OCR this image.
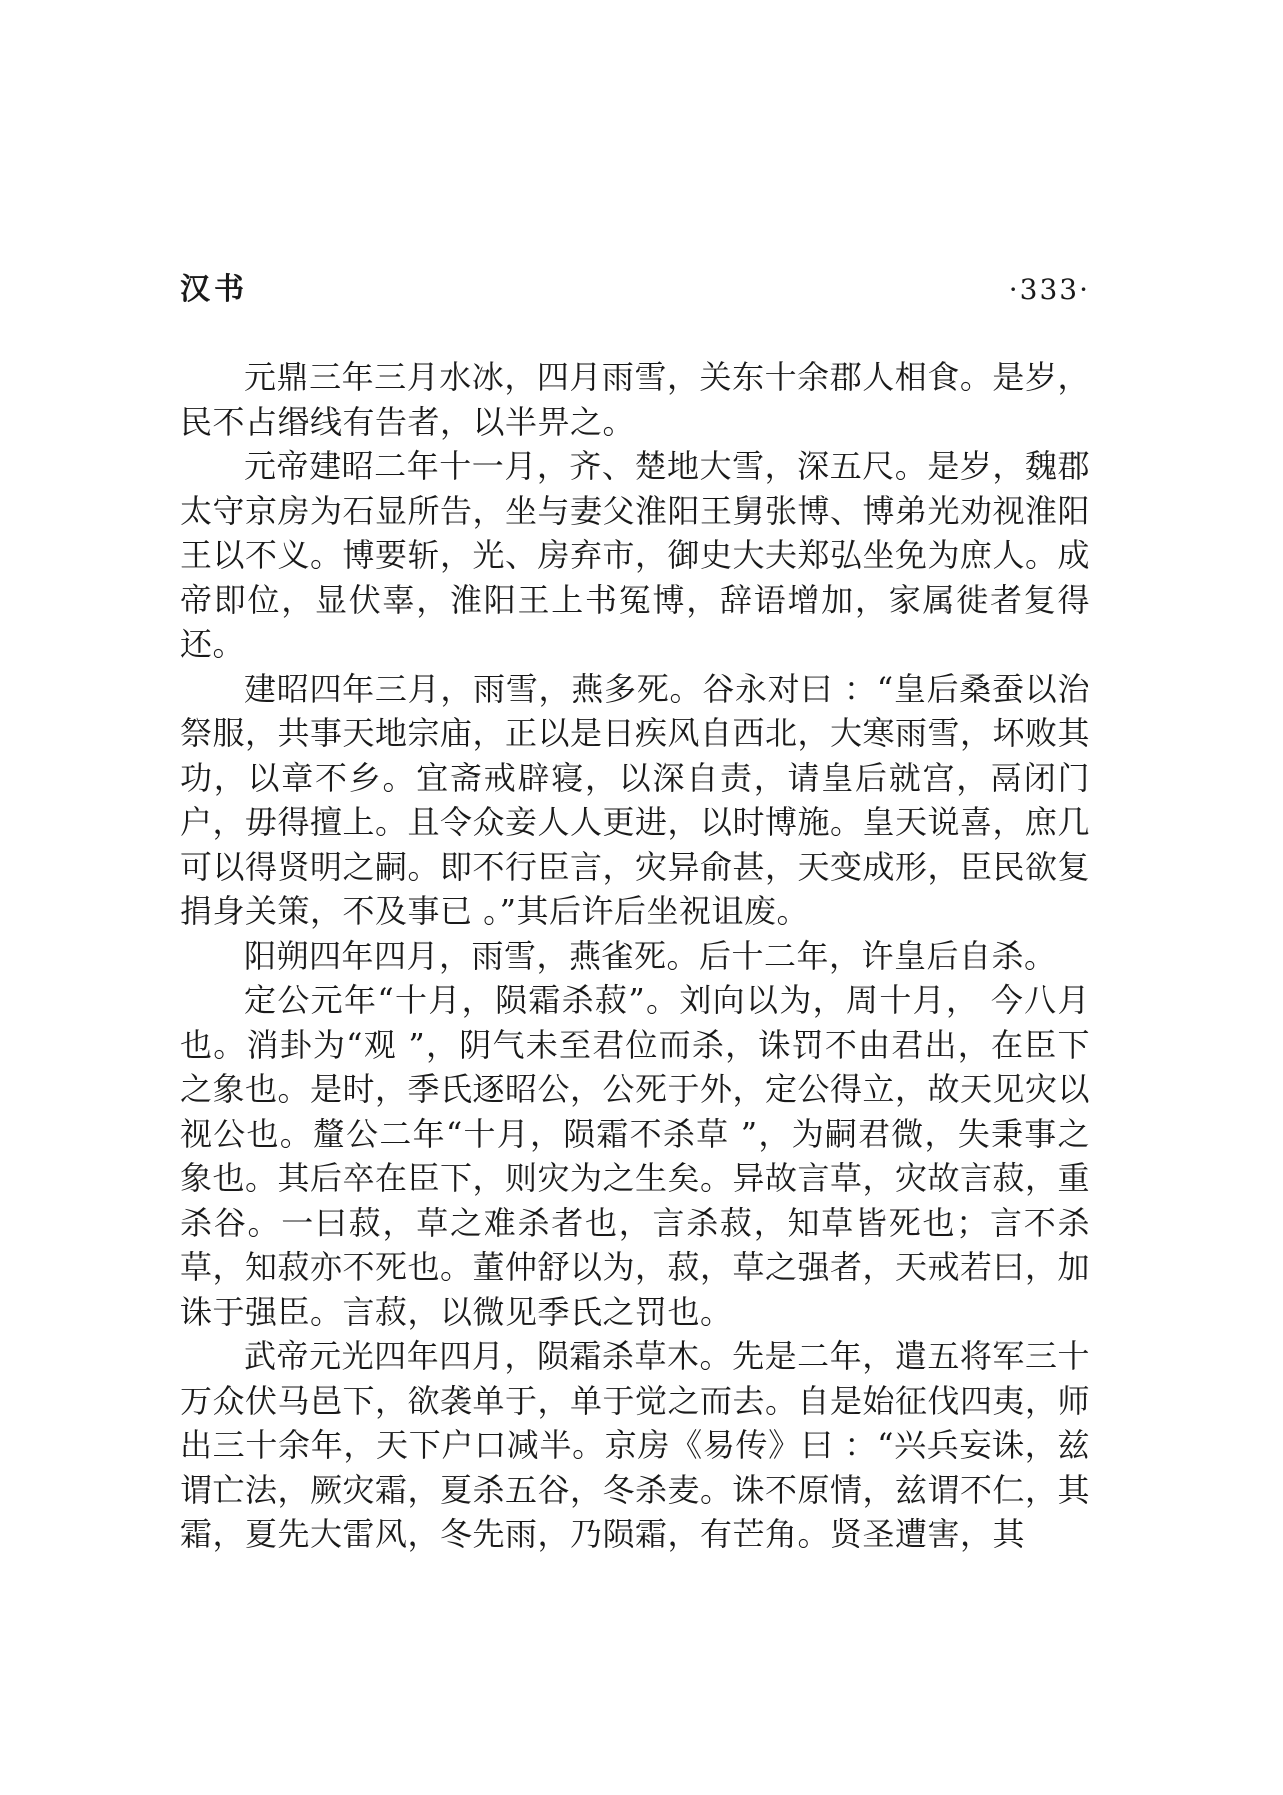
汉书	·333·

元鼎三年三月水冰，四月雨雪，关东十余郡人相食。是岁，民不占缗线有告者，以半畀之。

元帝建昭二年十一月，齐、楚地大雪，深五尺。是岁，魏郡太守京房为石显所告，坐与妻父淮阳王舅张博、博弟光劝视淮阳王以不义。博要斩，光、房弃市，御史大夫郑弘坐免为庶人。成帝即位，显伏辜，淮阳王上书冤博，辞语增加，家属徙者复得还。

建昭四年三月，雨雪，燕多死。谷永对曰 ：“皇后桑蚕以治祭服，共事天地宗庙，正以是日疾风自西北，大寒雨雪，坏败其功，以章不乡。宜斋戒辟寝，以深自责，请皇后就宫，鬲闭门户，毋得擅上。且令众妾人人更进，以时博施。皇天说喜，庶几可以得贤明之嗣。即不行臣言，灾异俞甚，天变成形，臣民欲复捐身关策，不及事已 。”其后许后坐祝诅废。

阳朔四年四月，雨雪，燕雀死。后十二年，许皇后自杀。

定公元年“十月，陨霜杀菽”。刘向以为，周十月， 今八月也。消卦为“观 ”，阴气未至君位而杀，诛罚不由君出，在臣下之象也。是时，季氏逐昭公，公死于外，定公得立，故天见灾以视公也。釐公二年“十月，陨霜不杀草 ”，为嗣君微，失秉事之象也。其后卒在臣下，则灾为之生矣。异故言草，灾故言菽，重杀谷。一曰菽，草之难杀者也，言杀菽，知草皆死也；言不杀草，知菽亦不死也。董仲舒以为，菽，草之强者，天戒若曰，加诛于强臣。言菽，以微见季氏之罚也。

武帝元光四年四月，陨霜杀草木。先是二年，遣五将军三十万众伏马邑下，欲袭单于，单于觉之而去。自是始征伐四夷，师出三十余年，天下户口减半。京房《易传》曰 ：“兴兵妄诛，兹谓亡法，厥灾霜，夏杀五谷，冬杀麦。诛不原情，兹谓不仁，其霜，夏先大雷风，冬先雨，乃陨霜，有芒角。贤圣遭害，其
